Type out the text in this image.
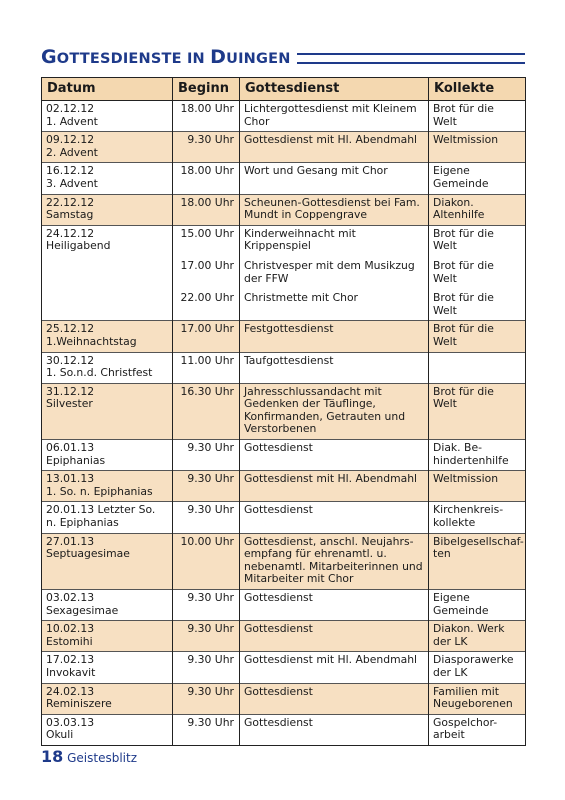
GOTTESDIENSTE IN DUINGEN
Datum	Beginn	Gottesdienst	Kollekte

02.12.12
1. Advent	18.00 Uhr	Lichtergottesdienst mit Kleinem Chor	Brot für die Welt

09.12.12
2. Advent	9.30 Uhr	Gottesdienst mit Hl. Abendmahl	Weltmission

16.12.12
3. Advent	18.00 Uhr	Wort und Gesang mit Chor	Eigene Gemeinde

22.12.12
Samstag	18.00 Uhr	Scheunen-Gottesdienst bei Fam. Mundt in Coppengrave	Diakon. Altenhilfe

24.12.12
Heiligabend	15.00 Uhr	Kinderweihnacht mit Krippenspiel	Brot für die Welt

	17.00 Uhr	Christvesper mit dem Musikzug der FFW	Brot für die Welt

	22.00 Uhr	Christmette mit Chor	Brot für die Welt

25.12.12
1.Weihnachtstag	17.00 Uhr	Festgottesdienst	Brot für die Welt

30.12.12
1. So.n.d. Christfest	11.00 Uhr	Taufgottesdienst	

31.12.12
Silvester	16.30 Uhr	Jahresschlussandacht mit Gedenken der Täuflinge, Konfirmanden, Getrauten und Verstorbenen	Brot für die Welt

06.01.13
Epiphanias	9.30 Uhr	Gottesdienst	Diak. Be-hindertenhilfe

13.01.13
1. So. n. Epiphanias	9.30 Uhr	Gottesdienst mit Hl. Abendmahl	Weltmission

20.01.13 Letzter So.
n. Epiphanias	9.30 Uhr	Gottesdienst	Kirchenkreis-kollekte

27.01.13
Septuagesimae	10.00 Uhr	Gottesdienst, anschl. Neujahrs-empfang für ehrenamtl. u. nebenamtl. Mitarbeiterinnen und Mitarbeiter mit Chor	Bibelgesellschaf-ten

03.02.13
Sexagesimae	9.30 Uhr	Gottesdienst	Eigene Gemeinde

10.02.13
Estomihi	9.30 Uhr	Gottesdienst	Diakon. Werk der LK

17.02.13
Invokavit	9.30 Uhr	Gottesdienst mit Hl. Abendmahl	Diasporawerke der LK

24.02.13
Reminiszere	9.30 Uhr	Gottesdienst	Familien mit Neugeborenen

03.03.13
Okuli	9.30 Uhr	Gottesdienst	Gospelchor-arbeit
18 Geistesblitz
